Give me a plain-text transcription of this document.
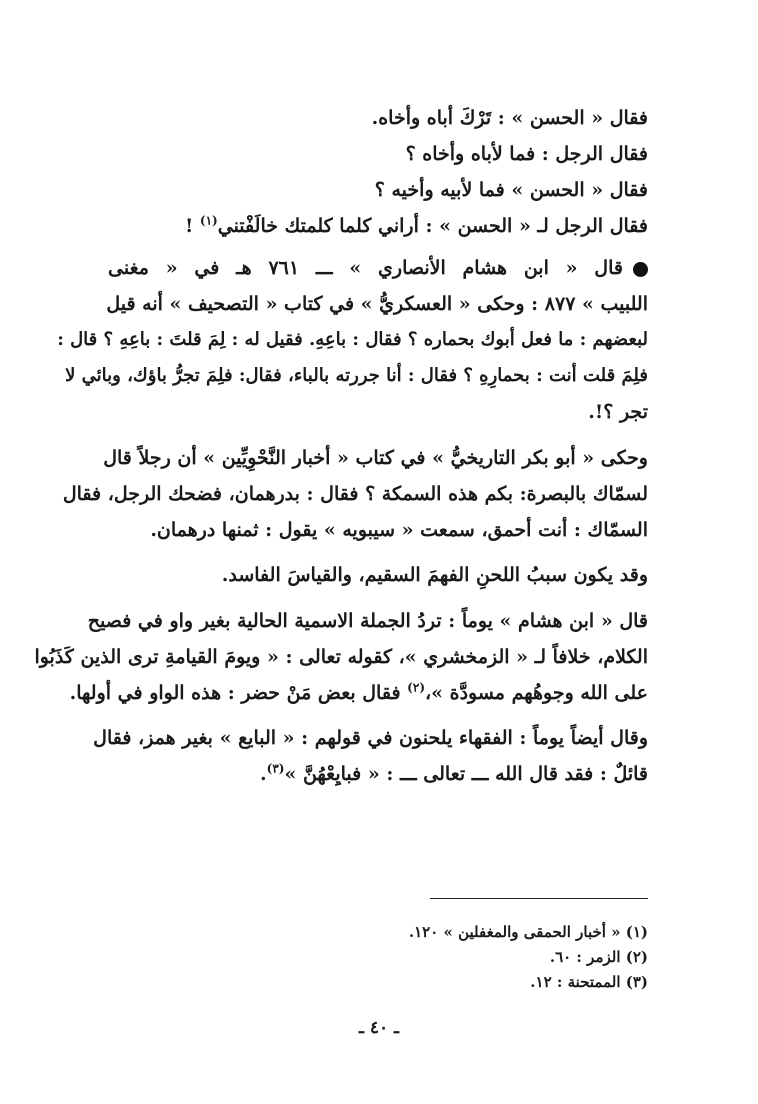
فقال « الحسن » : تَرْكَ أباه وأخاه.
فقال الرجل : فما لأباه وأخاه ؟
فقال « الحسن » فما لأبيه وأخيه ؟
فقال الرجل لـ « الحسن » : أراني كلما كلمتك خالَفْتني$^{(١)}$ !
قال « ابن هشام الأنصاري » ـــ ٧٦١ هـ في « مغنى
اللبيب » ٨٧٧ : وحكى « العسكريُّ » في كتاب « التصحيف » أنه قيل
لبعضهم : ما فعل أبوك بحماره ؟ فقال : باعِهِ. فقيل له : لِمَ قلتَ : باعِهِ ؟ قال :
فلِمَ قلت أنت : بحمارِهِ ؟ فقال : أنا جررته بالباء، فقال: فلِمَ تجرُّ باؤك، وبائي لا
تجر ؟!.
وحكى « أبو بكر التاريخيُّ » في كتاب « أخبار النَّحْوِيِّين » أن رجلاً قال
لسمّاك بالبصرة: بكم هذه السمكة ؟ فقال : بدرهمان، فضحك الرجل، فقال
السمّاك : أنت أحمق، سمعت « سيبويه » يقول : ثمنها درهمان.
وقد يكون سببُ اللحنِ الفهمَ السقيم، والقياسَ الفاسد.
قال « ابن هشام » يوماً : تردُ الجملة الاسمية الحالية بغير واو في فصيح
الكلام، خلافاً لـ « الزمخشري »، كقوله تعالى : « ويومَ القيامةِ ترى الذين كَذَبُوا
على الله وجوهُهم مسودَّة »،$^{(٢)}$ فقال بعض مَنْ حضر : هذه الواو في أولها.
وقال أيضاً يوماً : الفقهاء يلحنون في قولهم : « البايع » بغير همز، فقال
قائلٌ : فقد قال الله ـــ تعالى ـــ : « فبايِعْهُنَّ »$^{(٣)}$.
(١) « أخبار الحمقى والمغفلين » ١٢٠.
(٢) الزمر : ٦٠.
(٣) الممتحنة : ١٢.
ـ ٤٠ ـ
